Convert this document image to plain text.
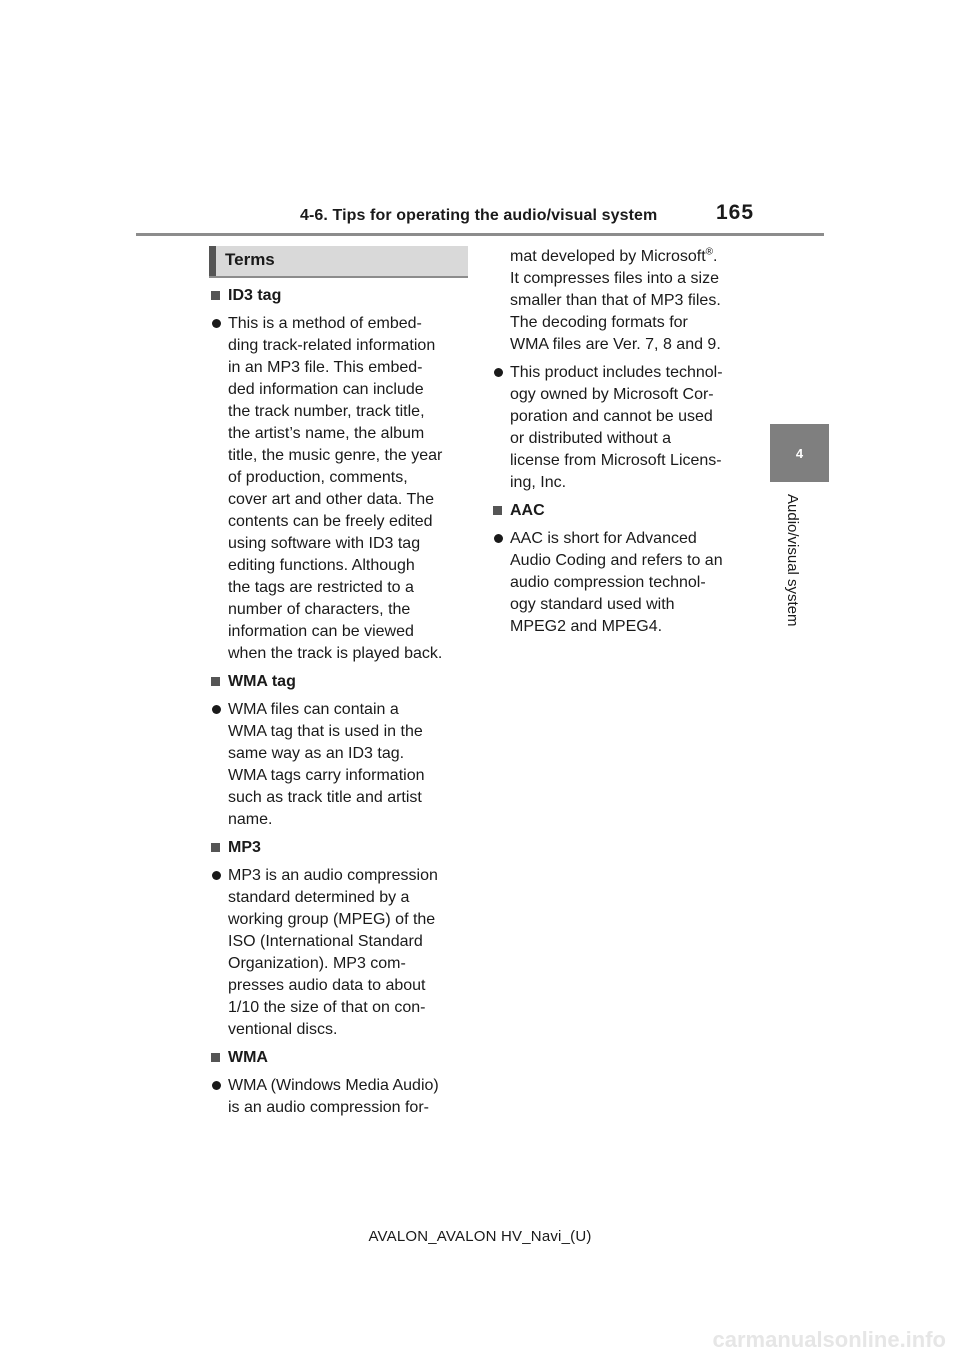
4-6. Tips for operating the audio/visual system	165
4
Audio/visual system
Terms
ID3 tag
This is a method of embed-
ding track-related information
in an MP3 file. This embed-
ded information can include
the track number, track title,
the artist’s name, the album
title, the music genre, the year
of production, comments,
cover art and other data. The
contents can be freely edited
using software with ID3 tag
editing functions. Although
the tags are restricted to a
number of characters, the
information can be viewed
when the track is played back.
WMA tag
WMA files can contain a
WMA tag that is used in the
same way as an ID3 tag.
WMA tags carry information
such as track title and artist
name.
MP3
MP3 is an audio compression
standard determined by a
working group (MPEG) of the
ISO (International Standard
Organization). MP3 com-
presses audio data to about
1/10 the size of that on con-
ventional discs.
WMA
WMA (Windows Media Audio)
is an audio compression for-
mat developed by Microsoft®.
It compresses files into a size
smaller than that of MP3 files.
The decoding formats for
WMA files are Ver. 7, 8 and 9.
This product includes technol-
ogy owned by Microsoft Cor-
poration and cannot be used
or distributed without a
license from Microsoft Licens-
ing, Inc.
AAC
AAC is short for Advanced
Audio Coding and refers to an
audio compression technol-
ogy standard used with
MPEG2 and MPEG4.
AVALON_AVALON HV_Navi_(U)
carmanualsonline.info
